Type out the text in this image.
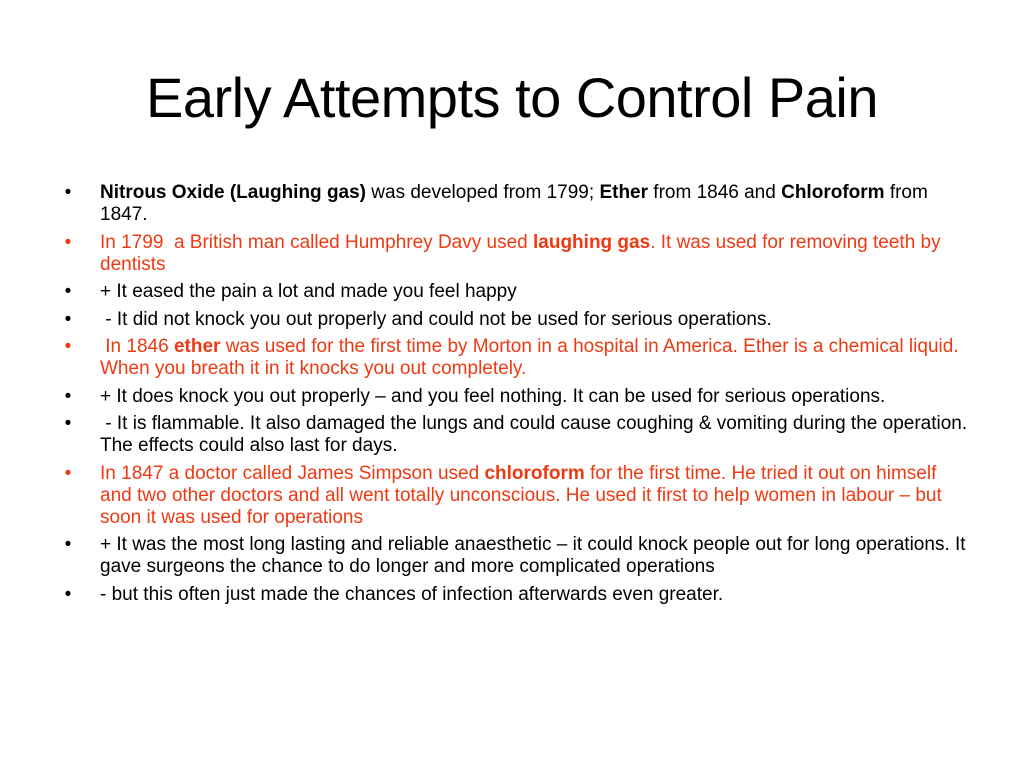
Early Attempts to Control Pain
•	Nitrous Oxide (Laughing gas) was developed from 1799; Ether from 1846 and Chloroform from 1847.
•	In 1799  a British man called Humphrey Davy used laughing gas. It was used for removing teeth by dentists
•	+ It eased the pain a lot and made you feel happy
•	- It did not knock you out properly and could not be used for serious operations.
•	In 1846 ether was used for the first time by Morton in a hospital in America. Ether is a chemical liquid. When you breath it in it knocks you out completely.
•	+ It does knock you out properly – and you feel nothing. It can be used for serious operations.
•	- It is flammable. It also damaged the lungs and could cause coughing & vomiting during the operation. The effects could also last for days.
•	In 1847 a doctor called James Simpson used chloroform for the first time. He tried it out on himself and two other doctors and all went totally unconscious. He used it first to help women in labour – but soon it was used for operations
•	+ It was the most long lasting and reliable anaesthetic – it could knock people out for long operations. It gave surgeons the chance to do longer and more complicated operations
•	- but this often just made the chances of infection afterwards even greater.
